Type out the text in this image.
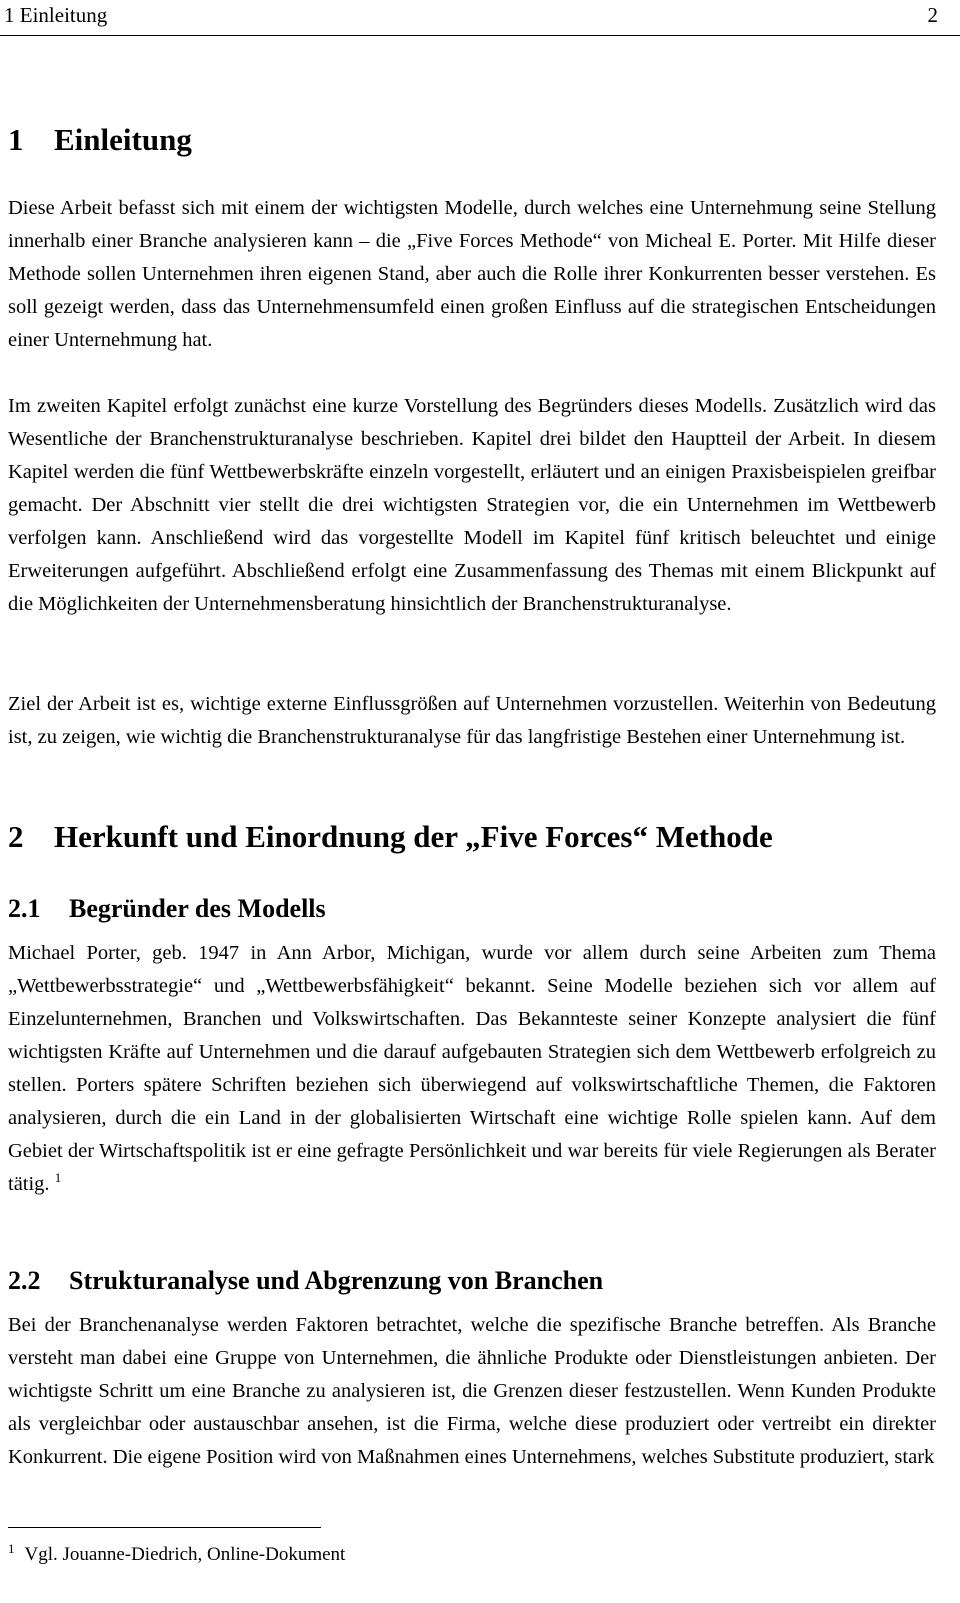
1 Einleitung	2
1 Einleitung

Diese Arbeit befasst sich mit einem der wichtigsten Modelle, durch welches eine Unternehmung seine Stellung innerhalb einer Branche analysieren kann – die „Five Forces Methode“ von Micheal E. Porter. Mit Hilfe dieser Methode sollen Unternehmen ihren eigenen Stand, aber auch die Rolle ihrer Konkurrenten besser verstehen. Es soll gezeigt werden, dass das Unternehmensumfeld einen großen Einfluss auf die strategischen Entscheidungen einer Unternehmung hat.

Im zweiten Kapitel erfolgt zunächst eine kurze Vorstellung des Begründers dieses Modells. Zusätzlich wird das Wesentliche der Branchenstrukturanalyse beschrieben. Kapitel drei bildet den Hauptteil der Arbeit. In diesem Kapitel werden die fünf Wettbewerbskräfte einzeln vorgestellt, erläutert und an einigen Praxisbeispielen greifbar gemacht. Der Abschnitt vier stellt die drei wichtigsten Strategien vor, die ein Unternehmen im Wettbewerb verfolgen kann. Anschließend wird das vorgestellte Modell im Kapitel fünf kritisch beleuchtet und einige Erweiterungen aufgeführt. Abschließend erfolgt eine Zusammenfassung des Themas mit einem Blickpunkt auf die Möglichkeiten der Unternehmensberatung hinsichtlich der Branchenstrukturanalyse.

Ziel der Arbeit ist es, wichtige externe Einflussgrößen auf Unternehmen vorzustellen. Weiterhin von Bedeutung ist, zu zeigen, wie wichtig die Branchenstrukturanalyse für das langfristige Bestehen einer Unternehmung ist.

2 Herkunft und Einordnung der „Five Forces“ Methode
2.1 Begründer des Modells

Michael Porter, geb. 1947 in Ann Arbor, Michigan, wurde vor allem durch seine Arbeiten zum Thema „Wettbewerbsstrategie“ und „Wettbewerbsfähigkeit“ bekannt. Seine Modelle beziehen sich vor allem auf Einzelunternehmen, Branchen und Volkswirtschaften. Das Bekannteste seiner Konzepte analysiert die fünf wichtigsten Kräfte auf Unternehmen und die darauf aufgebauten Strategien sich dem Wettbewerb erfolgreich zu stellen. Porters spätere Schriften beziehen sich überwiegend auf volkswirtschaftliche Themen, die Faktoren analysieren, durch die ein Land in der globalisierten Wirtschaft eine wichtige Rolle spielen kann. Auf dem Gebiet der Wirtschaftspolitik ist er eine gefragte Persönlichkeit und war bereits für viele Regierungen als Berater tätig. $^1$

2.2 Strukturanalyse und Abgrenzung von Branchen

Bei der Branchenanalyse werden Faktoren betrachtet, welche die spezifische Branche betreffen. Als Branche versteht man dabei eine Gruppe von Unternehmen, die ähnliche Produkte oder Dienstleistungen anbieten. Der wichtigste Schritt um eine Branche zu analysieren ist, die Grenzen dieser festzustellen. Wenn Kunden Produkte als vergleichbar oder austauschbar ansehen, ist die Firma, welche diese produziert oder vertreibt ein direkter Konkurrent. Die eigene Position wird von Maßnahmen eines Unternehmens, welches Substitute produziert, stark

$^1$ Vgl. Jouanne-Diedrich, Online-Dokument
